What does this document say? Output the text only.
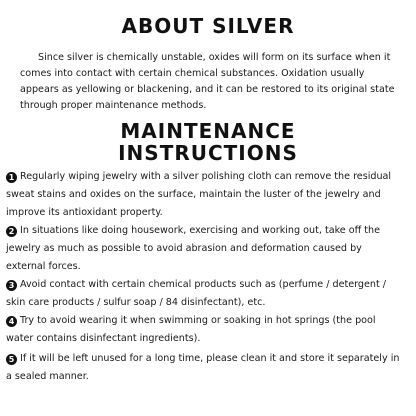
ABOUT SILVER

Since silver is chemically unstable, oxides will form on its surface when it comes into contact with certain chemical substances. Oxidation usually appears as yellowing or blackening, and it can be restored to its original state through proper maintenance methods.

MAINTENANCE
INSTRUCTIONS

1 Regularly wiping jewelry with a silver polishing cloth can remove the residual sweat stains and oxides on the surface, maintain the luster of the jewelry and improve its antioxidant property.

2 In situations like doing housework, exercising and working out, take off the jewelry as much as possible to avoid abrasion and deformation caused by external forces.

3 Avoid contact with certain chemical products such as (perfume / detergent / skin care products / sulfur soap / 84 disinfectant), etc.

4 Try to avoid wearing it when swimming or soaking in hot springs (the pool water contains disinfectant ingredients).

5 If it will be left unused for a long time, please clean it and store it separately in a sealed manner.
